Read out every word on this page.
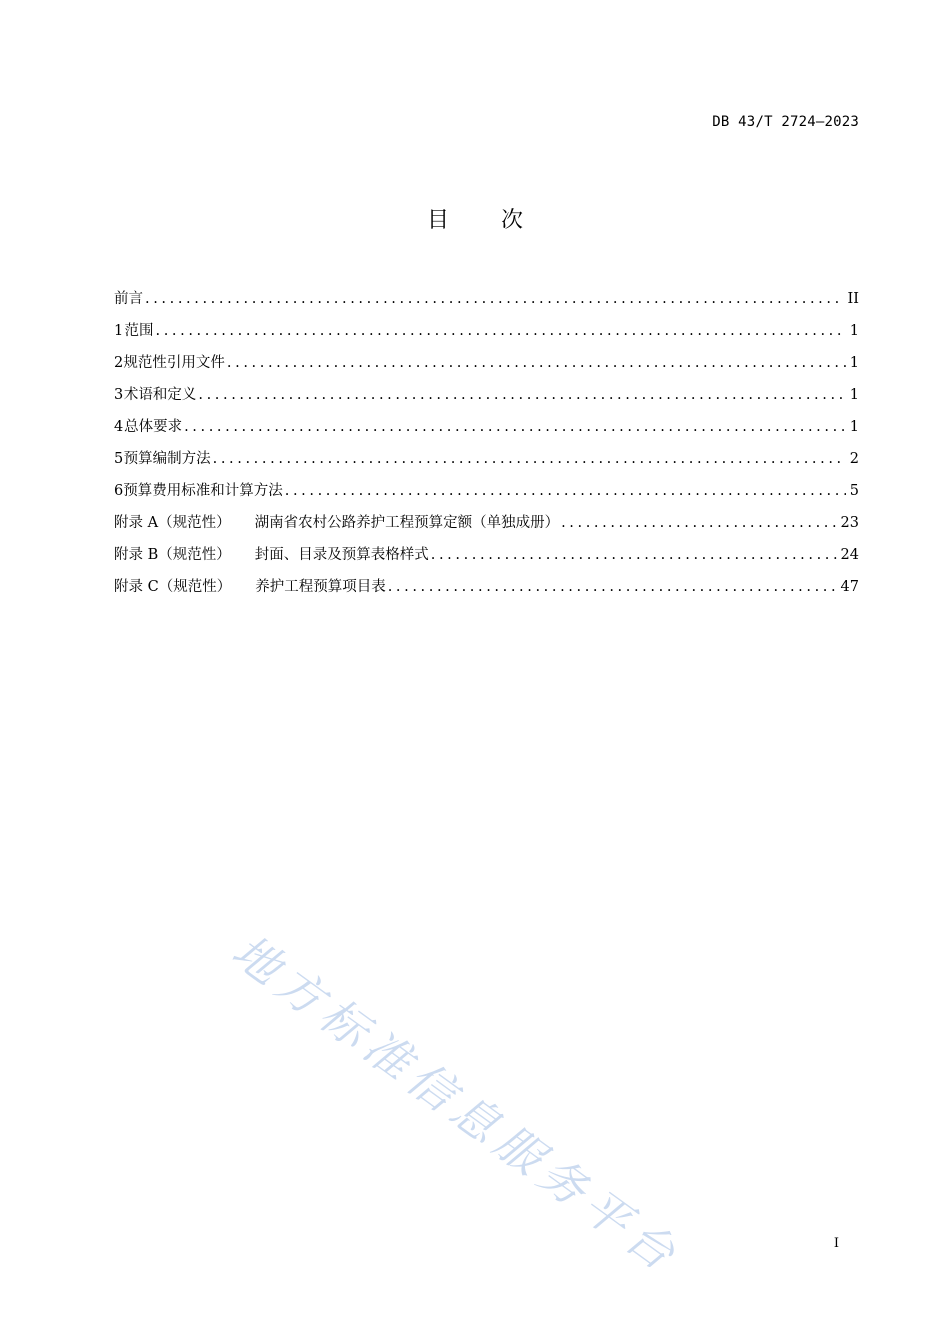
DB 43/T 2724—2023
目 次
前言 .....	II
1 范围 .....	1
2 规范性引用文件 .....	1
3 术语和定义 .....	1
4 总体要求 .....	1
5 预算编制方法 .....	2
6 预算费用标准和计算方法 .....	5
附录 A（规范性） 湖南省农村公路养护工程预算定额（单独成册） .....	23
附录 B（规范性） 封面、目录及预算表格样式 .....	24
附录 C（规范性） 养护工程预算项目表 .....	47
地方标准信息服务平台	I
